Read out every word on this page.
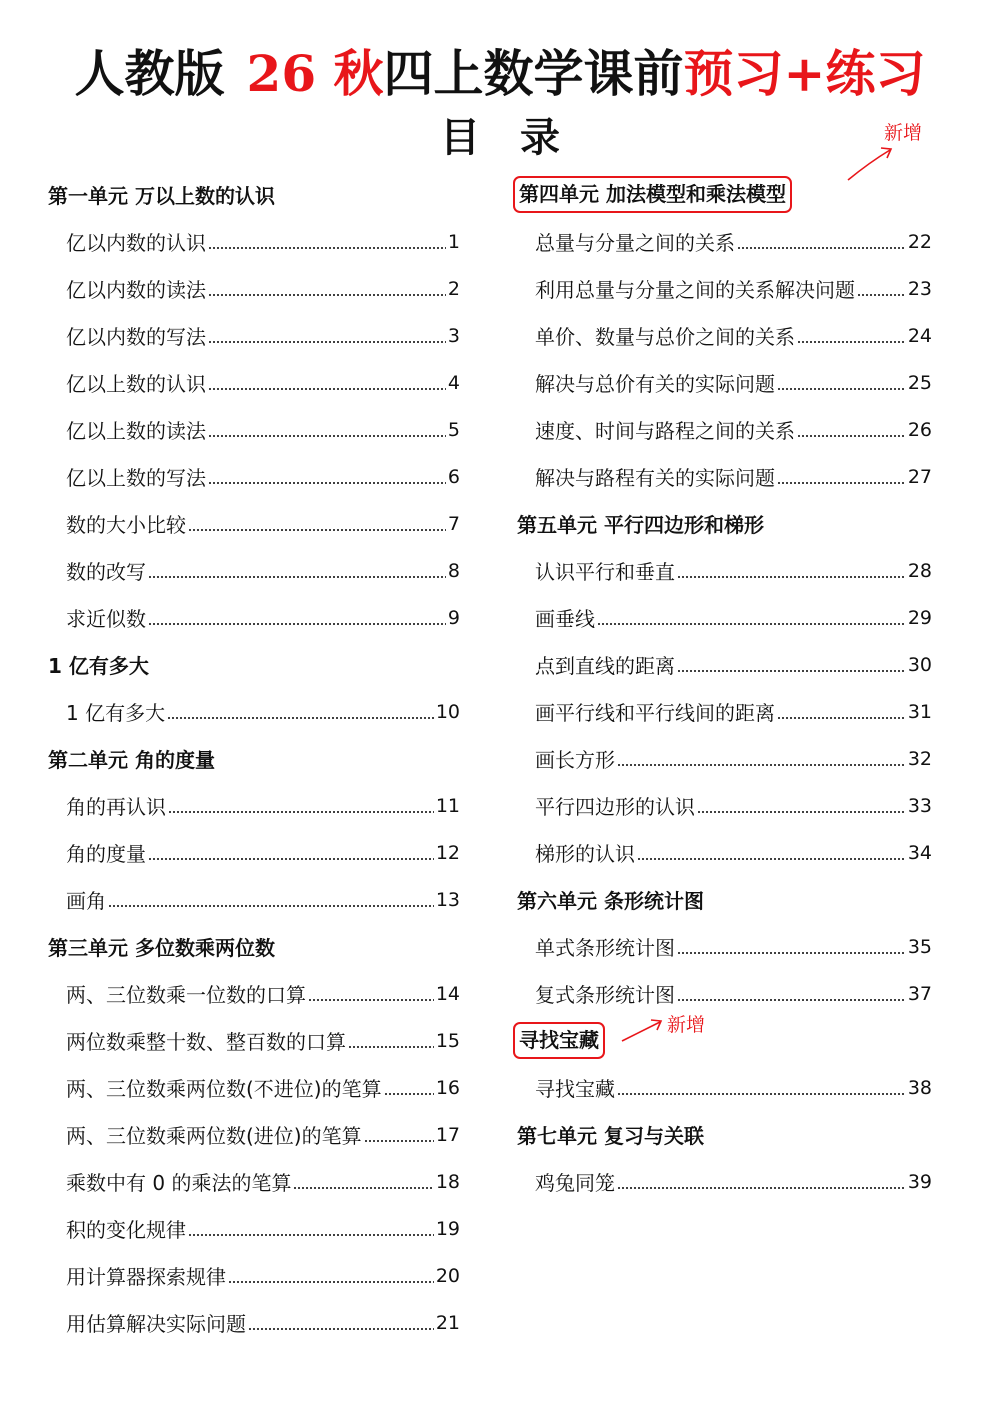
人教版 26 秋四上数学课前预习+练习
目录
第一单元 万以上数的认识
亿以内数的认识	1
亿以内数的读法	2
亿以内数的写法	3
亿以上数的认识	4
亿以上数的读法	5
亿以上数的写法	6
数的大小比较	7
数的改写	8
求近似数	9
1 亿有多大
1 亿有多大	10
第二单元 角的度量
角的再认识	11
角的度量	12
画角	13
第三单元 多位数乘两位数
两、三位数乘一位数的口算	14
两位数乘整十数、整百数的口算	15
两、三位数乘两位数(不进位)的笔算	16
两、三位数乘两位数(进位)的笔算	17
乘数中有 0 的乘法的笔算	18
积的变化规律	19
用计算器探索规律	20
用估算解决实际问题	21
第四单元 加法模型和乘法模型
总量与分量之间的关系	22
利用总量与分量之间的关系解决问题	23
单价、数量与总价之间的关系	24
解决与总价有关的实际问题	25
速度、时间与路程之间的关系	26
解决与路程有关的实际问题	27
第五单元 平行四边形和梯形
认识平行和垂直	28
画垂线	29
点到直线的距离	30
画平行线和平行线间的距离	31
画长方形	32
平行四边形的认识	33
梯形的认识	34
第六单元 条形统计图
单式条形统计图	35
复式条形统计图	37
寻找宝藏
寻找宝藏	38
第七单元 复习与关联
鸡兔同笼	39
新增
新增
